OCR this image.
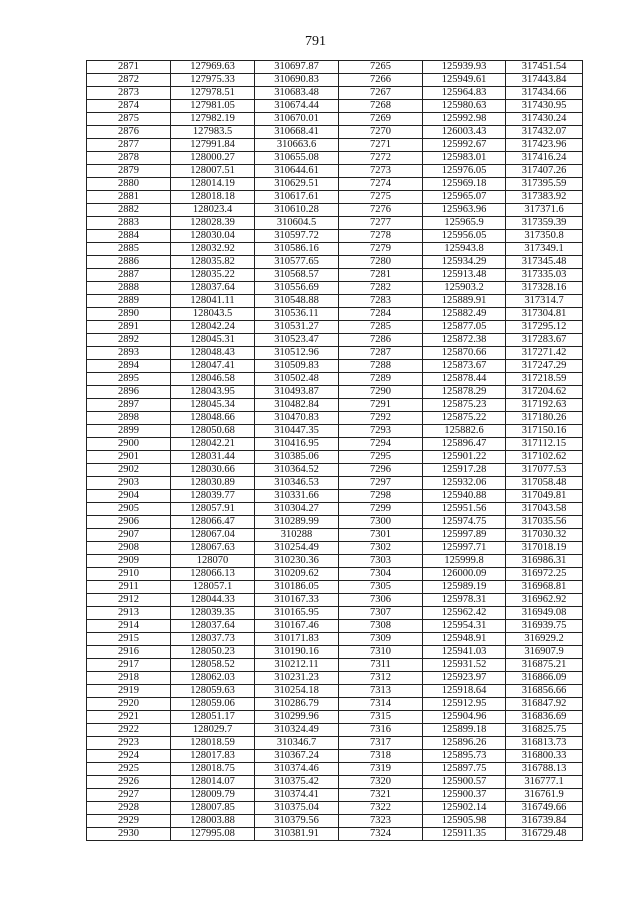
791
2871	127969.63	310697.87	7265	125939.93	317451.54
2872	127975.33	310690.83	7266	125949.61	317443.84
2873	127978.51	310683.48	7267	125964.83	317434.66
2874	127981.05	310674.44	7268	125980.63	317430.95
2875	127982.19	310670.01	7269	125992.98	317430.24
2876	127983.5	310668.41	7270	126003.43	317432.07
2877	127991.84	310663.6	7271	125992.67	317423.96
2878	128000.27	310655.08	7272	125983.01	317416.24
2879	128007.51	310644.61	7273	125976.05	317407.26
2880	128014.19	310629.51	7274	125969.18	317395.59
2881	128018.18	310617.61	7275	125965.07	317383.92
2882	128023.4	310610.28	7276	125963.96	317371.6
2883	128028.39	310604.5	7277	125965.9	317359.39
2884	128030.04	310597.72	7278	125956.05	317350.8
2885	128032.92	310586.16	7279	125943.8	317349.1
2886	128035.82	310577.65	7280	125934.29	317345.48
2887	128035.22	310568.57	7281	125913.48	317335.03
2888	128037.64	310556.69	7282	125903.2	317328.16
2889	128041.11	310548.88	7283	125889.91	317314.7
2890	128043.5	310536.11	7284	125882.49	317304.81
2891	128042.24	310531.27	7285	125877.05	317295.12
2892	128045.31	310523.47	7286	125872.38	317283.67
2893	128048.43	310512.96	7287	125870.66	317271.42
2894	128047.41	310509.83	7288	125873.67	317247.29
2895	128046.58	310502.48	7289	125878.44	317218.59
2896	128043.95	310493.87	7290	125878.29	317204.62
2897	128045.34	310482.84	7291	125875.23	317192.63
2898	128048.66	310470.83	7292	125875.22	317180.26
2899	128050.68	310447.35	7293	125882.6	317150.16
2900	128042.21	310416.95	7294	125896.47	317112.15
2901	128031.44	310385.06	7295	125901.22	317102.62
2902	128030.66	310364.52	7296	125917.28	317077.53
2903	128030.89	310346.53	7297	125932.06	317058.48
2904	128039.77	310331.66	7298	125940.88	317049.81
2905	128057.91	310304.27	7299	125951.56	317043.58
2906	128066.47	310289.99	7300	125974.75	317035.56
2907	128067.04	310288	7301	125997.89	317030.32
2908	128067.63	310254.49	7302	125997.71	317018.19
2909	128070	310230.36	7303	125999.8	316986.31
2910	128066.13	310209.62	7304	126000.09	316972.25
2911	128057.1	310186.05	7305	125989.19	316968.81
2912	128044.33	310167.33	7306	125978.31	316962.92
2913	128039.35	310165.95	7307	125962.42	316949.08
2914	128037.64	310167.46	7308	125954.31	316939.75
2915	128037.73	310171.83	7309	125948.91	316929.2
2916	128050.23	310190.16	7310	125941.03	316907.9
2917	128058.52	310212.11	7311	125931.52	316875.21
2918	128062.03	310231.23	7312	125923.97	316866.09
2919	128059.63	310254.18	7313	125918.64	316856.66
2920	128059.06	310286.79	7314	125912.95	316847.92
2921	128051.17	310299.96	7315	125904.96	316836.69
2922	128029.7	310324.49	7316	125899.18	316825.75
2923	128018.59	310346.7	7317	125896.26	316813.73
2924	128017.83	310367.24	7318	125895.73	316800.33
2925	128018.75	310374.46	7319	125897.75	316788.13
2926	128014.07	310375.42	7320	125900.57	316777.1
2927	128009.79	310374.41	7321	125900.37	316761.9
2928	128007.85	310375.04	7322	125902.14	316749.66
2929	128003.88	310379.56	7323	125905.98	316739.84
2930	127995.08	310381.91	7324	125911.35	316729.48
